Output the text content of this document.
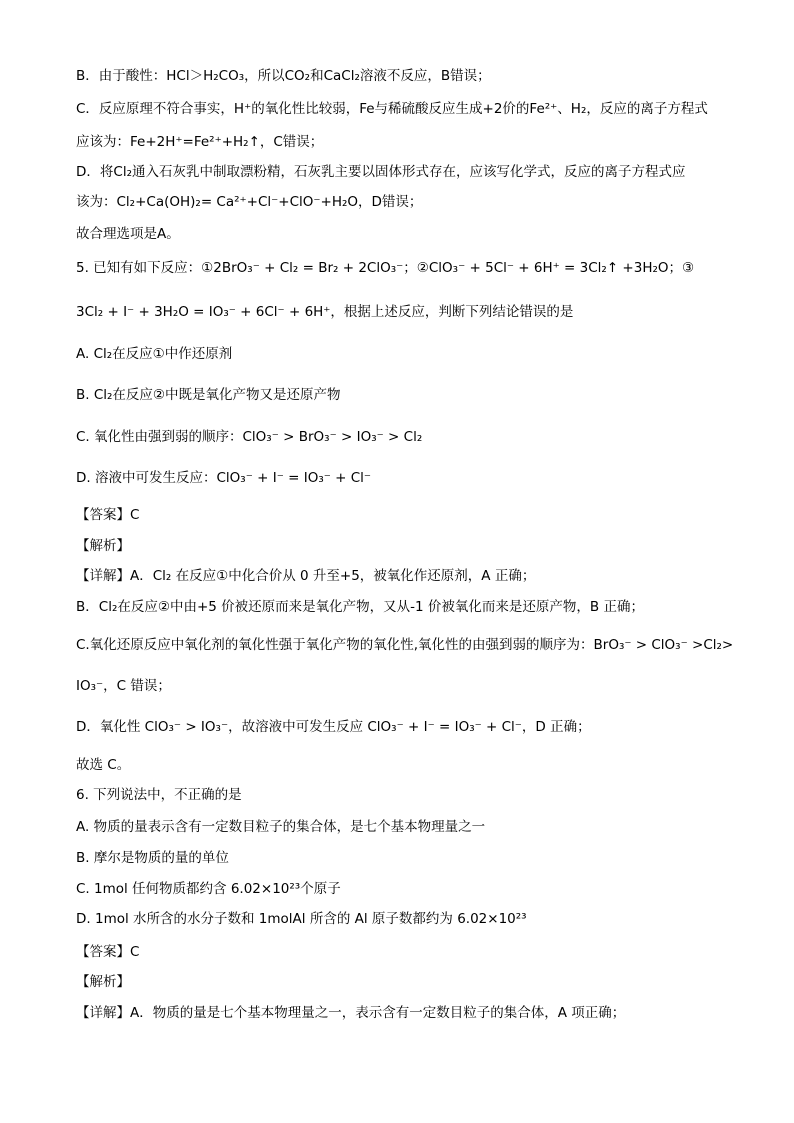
B．由于酸性：HCl＞H₂CO₃，所以CO₂和CaCl₂溶液不反应，B错误；
C．反应原理不符合事实，H⁺的氧化性比较弱，Fe与稀硫酸反应生成+2价的Fe²⁺、H₂，反应的离子方程式
应该为：Fe+2H⁺=Fe²⁺+H₂↑，C错误；
D．将Cl₂通入石灰乳中制取漂粉精，石灰乳主要以固体形式存在，应该写化学式，反应的离子方程式应
该为：Cl₂+Ca(OH)₂= Ca²⁺+Cl⁻+ClO⁻+H₂O，D错误；
故合理选项是A。
5. 已知有如下反应：①2BrO₃⁻ + Cl₂ = Br₂ + 2ClO₃⁻；②ClO₃⁻ + 5Cl⁻ + 6H⁺ = 3Cl₂↑ +3H₂O；③
3Cl₂ + I⁻ + 3H₂O = IO₃⁻ + 6Cl⁻ + 6H⁺，根据上述反应，判断下列结论错误的是
A. Cl₂在反应①中作还原剂
B. Cl₂在反应②中既是氧化产物又是还原产物
C. 氧化性由强到弱的顺序：ClO₃⁻ > BrO₃⁻ > IO₃⁻ > Cl₂
D. 溶液中可发生反应：ClO₃⁻ + I⁻ = IO₃⁻ + Cl⁻
【答案】C
【解析】
【详解】A．Cl₂ 在反应①中化合价从 0 升至+5，被氧化作还原剂，A 正确；
B．Cl₂在反应②中由+5 价被还原而来是氧化产物，又从-1 价被氧化而来是还原产物，B 正确；
C.氧化还原反应中氧化剂的氧化性强于氧化产物的氧化性,氧化性的由强到弱的顺序为：BrO₃⁻ > ClO₃⁻ >Cl₂>
IO₃⁻，C 错误；
D．氧化性 ClO₃⁻ > IO₃⁻，故溶液中可发生反应 ClO₃⁻ + I⁻ = IO₃⁻ + Cl⁻，D 正确；
故选 C。
6. 下列说法中，不正确的是
A. 物质的量表示含有一定数目粒子的集合体，是七个基本物理量之一
B. 摩尔是物质的量的单位
C. 1mol 任何物质都约含 6.02×10²³个原子
D. 1mol 水所含的水分子数和 1molAl 所含的 Al 原子数都约为 6.02×10²³
【答案】C
【解析】
【详解】A．物质的量是七个基本物理量之一，表示含有一定数目粒子的集合体，A 项正确；
